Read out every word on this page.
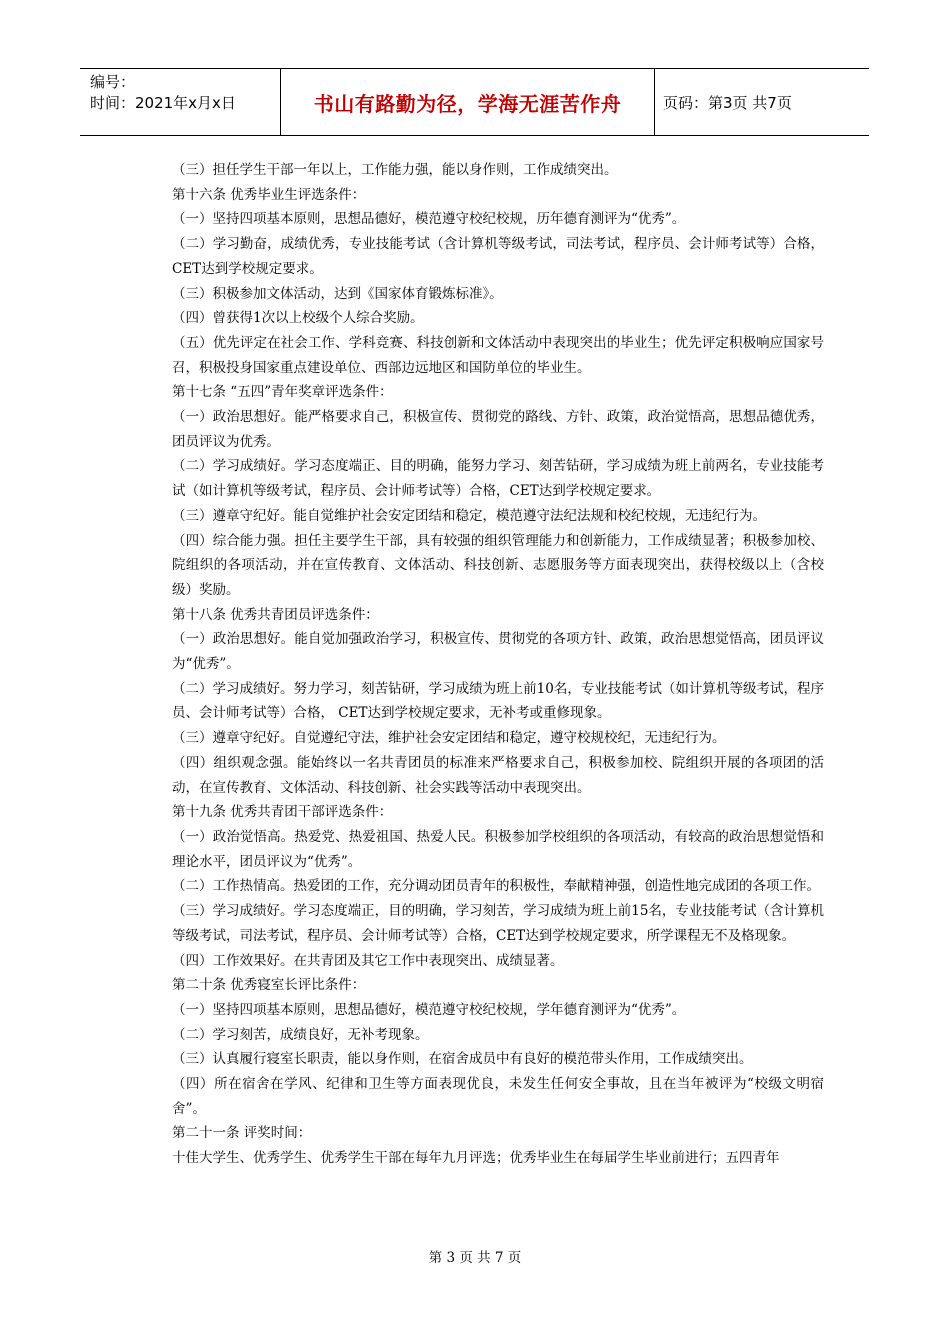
编号：
时间：2021年x月x日	书山有路勤为径，学海无涯苦作舟	页码：第3页 共7页

（三）担任学生干部一年以上，工作能力强，能以身作则，工作成绩突出。

第十六条 优秀毕业生评选条件：

（一）坚持四项基本原则，思想品德好，模范遵守校纪校规，历年德育测评为“优秀”。

（二）学习勤奋，成绩优秀，专业技能考试（含计算机等级考试，司法考试，程序员、会计师考试等）合格，CET达到学校规定要求。

（三）积极参加文体活动，达到《国家体育锻炼标准》。

（四）曾获得1次以上校级个人综合奖励。

（五）优先评定在社会工作、学科竞赛、科技创新和文体活动中表现突出的毕业生；优先评定积极响应国家号召，积极投身国家重点建设单位、西部边远地区和国防单位的毕业生。

第十七条 “五四”青年奖章评选条件：

（一）政治思想好。能严格要求自己，积极宣传、贯彻党的路线、方针、政策，政治觉悟高，思想品德优秀，团员评议为优秀。

（二）学习成绩好。学习态度端正、目的明确，能努力学习、刻苦钻研，学习成绩为班上前两名，专业技能考试（如计算机等级考试，程序员、会计师考试等）合格，CET达到学校规定要求。

（三）遵章守纪好。能自觉维护社会安定团结和稳定，模范遵守法纪法规和校纪校规，无违纪行为。

（四）综合能力强。担任主要学生干部，具有较强的组织管理能力和创新能力，工作成绩显著；积极参加校、院组织的各项活动，并在宣传教育、文体活动、科技创新、志愿服务等方面表现突出，获得校级以上（含校级）奖励。

第十八条 优秀共青团员评选条件：

（一）政治思想好。能自觉加强政治学习，积极宣传、贯彻党的各项方针、政策，政治思想觉悟高，团员评议为“优秀”。

（二）学习成绩好。努力学习，刻苦钻研，学习成绩为班上前10名，专业技能考试（如计算机等级考试，程序员、会计师考试等）合格， CET达到学校规定要求，无补考或重修现象。

（三）遵章守纪好。自觉遵纪守法，维护社会安定团结和稳定，遵守校规校纪，无违纪行为。

（四）组织观念强。能始终以一名共青团员的标准来严格要求自己，积极参加校、院组织开展的各项团的活动，在宣传教育、文体活动、科技创新、社会实践等活动中表现突出。

第十九条 优秀共青团干部评选条件：

（一）政治觉悟高。热爱党、热爱祖国、热爱人民。积极参加学校组织的各项活动，有较高的政治思想觉悟和理论水平，团员评议为“优秀”。

（二）工作热情高。热爱团的工作，充分调动团员青年的积极性，奉献精神强，创造性地完成团的各项工作。

（三）学习成绩好。学习态度端正，目的明确，学习刻苦，学习成绩为班上前15名，专业技能考试（含计算机等级考试，司法考试，程序员、会计师考试等）合格，CET达到学校规定要求，所学课程无不及格现象。

（四）工作效果好。在共青团及其它工作中表现突出、成绩显著。

第二十条 优秀寝室长评比条件：

（一）坚持四项基本原则，思想品德好，模范遵守校纪校规，学年德育测评为“优秀”。

（二）学习刻苦，成绩良好，无补考现象。

（三）认真履行寝室长职责，能以身作则，在宿舍成员中有良好的模范带头作用，工作成绩突出。

（四）所在宿舍在学风、纪律和卫生等方面表现优良，未发生任何安全事故，且在当年被评为“校级文明宿舍”。

第二十一条 评奖时间：

十佳大学生、优秀学生、优秀学生干部在每年九月评选；优秀毕业生在每届学生毕业前进行；五四青年

第 3 页 共 7 页
